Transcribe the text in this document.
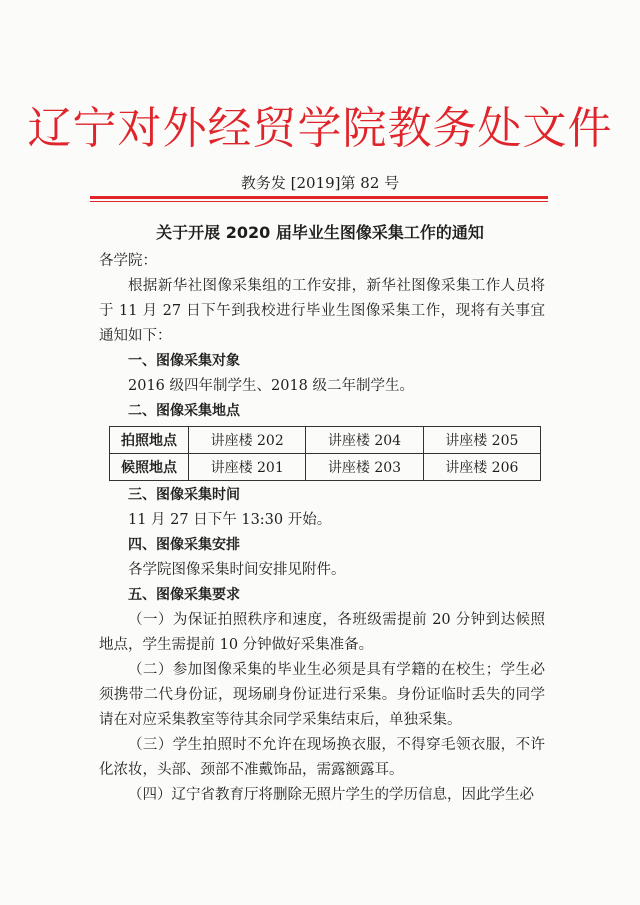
辽宁对外经贸学院教务处文件
教务发 [2019]第 82 号
关于开展 2020 届毕业生图像采集工作的通知
各学院：
根据新华社图像采集组的工作安排，新华社图像采集工作人员将于 11 月 27 日下午到我校进行毕业生图像采集工作，现将有关事宜通知如下：
一、图像采集对象
2016 级四年制学生、2018 级二年制学生。
二、图像采集地点
拍照地点	讲座楼 202	讲座楼 204	讲座楼 205
候照地点	讲座楼 201	讲座楼 203	讲座楼 206
三、图像采集时间
11 月 27 日下午 13:30 开始。
四、图像采集安排
各学院图像采集时间安排见附件。
五、图像采集要求
（一）为保证拍照秩序和速度，各班级需提前 20 分钟到达候照地点，学生需提前 10 分钟做好采集准备。
（二）参加图像采集的毕业生必须是具有学籍的在校生；学生必须携带二代身份证，现场刷身份证进行采集。身份证临时丢失的同学请在对应采集教室等待其余同学采集结束后，单独采集。
（三）学生拍照时不允许在现场换衣服，不得穿毛领衣服，不许化浓妆，头部、颈部不准戴饰品，需露额露耳。
（四）辽宁省教育厅将删除无照片学生的学历信息，因此学生必
